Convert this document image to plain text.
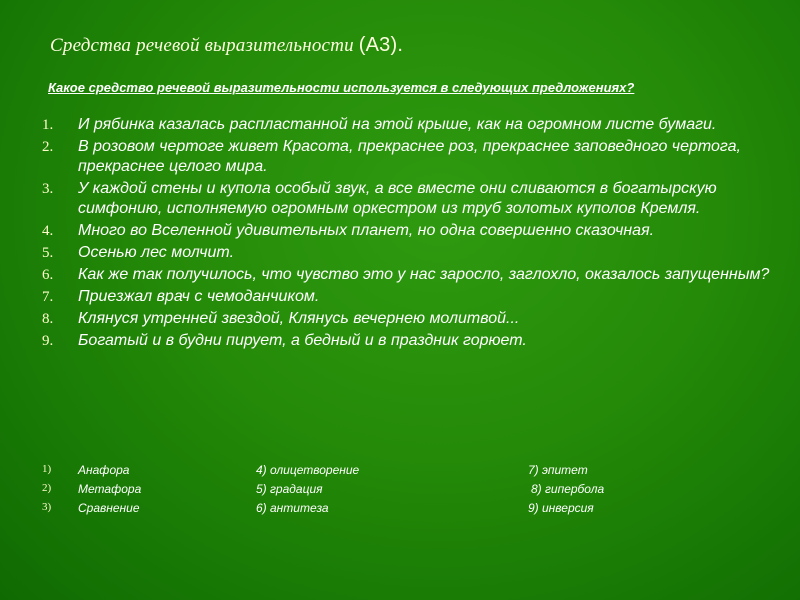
Средства речевой выразительности (А3).
Какое средство речевой выразительности используется в следующих предложениях?
1. И рябинка казалась распластанной на этой крыше, как на огромном листе бумаги.
2. В розовом чертоге живет Красота, прекраснее роз, прекраснее заповедного чертога, прекраснее целого мира.
3. У каждой стены и купола особый звук, а все вместе они сливаются в богатырскую симфонию, исполняемую огромным оркестром из труб золотых куполов Кремля.
4. Много во Вселенной удивительных планет, но одна совершенно сказочная.
5. Осенью лес молчит.
6. Как же так получилось, что чувство это у нас заросло, заглохло, оказалось запущенным?
7. Приезжал врач с чемоданчиком.
8. Клянуся утренней звездой, Клянусь вечернею молитвой...
9. Богатый и в будни пирует, а бедный и в праздник горюет.
1) Анафора	4) олицетворение	7) эпитет
2) Метафора	5) градация	8) гипербола
3) Сравнение	6) антитеза	9) инверсия
